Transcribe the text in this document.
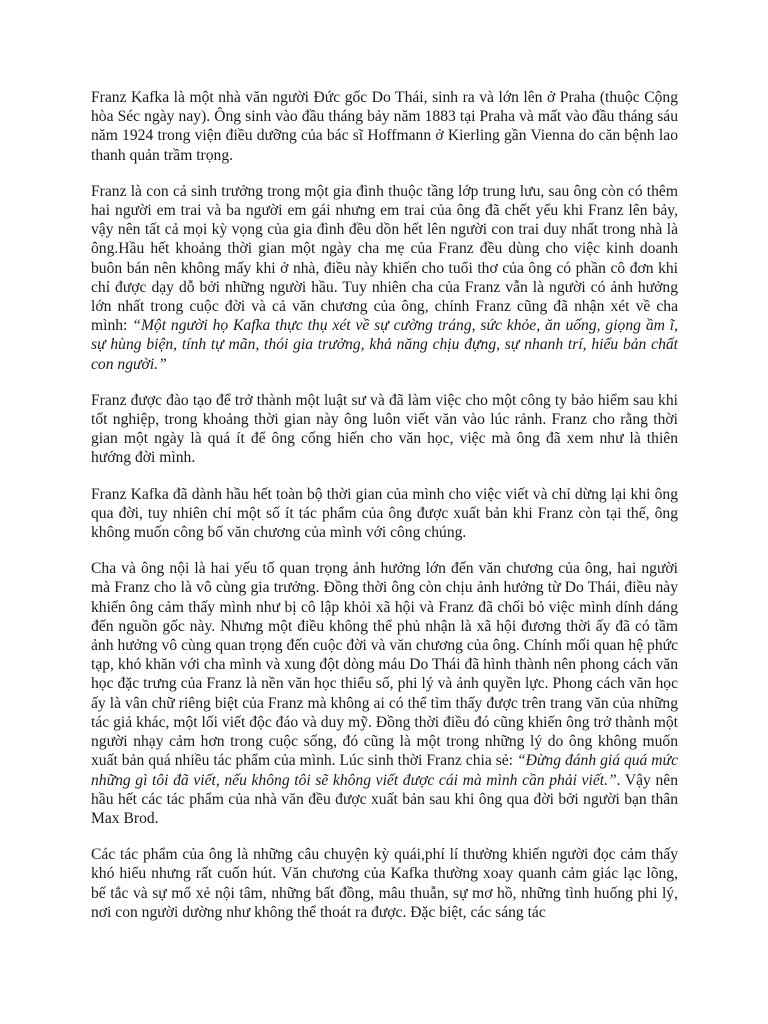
Franz Kafka là một nhà văn người Đức gốc Do Thái, sinh ra và lớn lên ở Praha (thuộc Cộng hòa Séc ngày nay). Ông sinh vào đầu tháng bảy năm 1883 tại Praha và mất vào đầu tháng sáu năm 1924 trong viện điều dưỡng của bác sĩ Hoffmann ở Kierling gần Vienna do căn bệnh lao thanh quản trầm trọng.

Franz là con cả sinh trưởng trong một gia đình thuộc tầng lớp trung lưu, sau ông còn có thêm hai người em trai và ba người em gái nhưng em trai của ông đã chết yểu khi Franz lên bảy, vậy nên tất cả mọi kỳ vọng của gia đình đều dồn hết lên người con trai duy nhất trong nhà là ông.Hầu hết khoảng thời gian một ngày cha mẹ của Franz đều dùng cho việc kinh doanh buôn bán nên không mấy khi ở nhà, điều này khiến cho tuổi thơ của ông có phần cô đơn khi chỉ được dạy dỗ bởi những người hầu. Tuy nhiên cha của Franz vẫn là người có ảnh hưởng lớn nhất trong cuộc đời và cả văn chương của ông, chính Franz cũng đã nhận xét về cha mình: “Một người họ Kafka thực thụ xét về sự cường tráng, sức khỏe, ăn uống, giọng ầm ĩ, sự hùng biện, tính tự mãn, thói gia trưởng, khả năng chịu đựng, sự nhanh trí, hiểu bản chất con người.”

Franz được đào tạo để trở thành một luật sư và đã làm việc cho một công ty bảo hiểm sau khi tốt nghiệp, trong khoảng thời gian này ông luôn viết văn vào lúc rảnh. Franz cho rằng thời gian một ngày là quá ít để ông cống hiến cho văn học, việc mà ông đã xem như là thiên hướng đời mình.

Franz Kafka đã dành hầu hết toàn bộ thời gian của mình cho việc viết và chỉ dừng lại khi ông qua đời, tuy nhiên chỉ một số ít tác phẩm của ông được xuất bản khi Franz còn tại thế, ông không muốn công bố văn chương của mình với công chúng.

Cha và ông nội là hai yếu tố quan trọng ảnh hưởng lớn đến văn chương của ông, hai người mà Franz cho là vô cùng gia trưởng. Đồng thời ông còn chịu ảnh hưởng từ Do Thái, điều này khiến ông cảm thấy mình như bị cô lập khỏi xã hội và Franz đã chối bỏ việc mình dính dáng đến nguồn gốc này. Nhưng một điều không thể phủ nhận là xã hội đương thời ấy đã có tầm ảnh hưởng vô cùng quan trọng đến cuộc đời và văn chương của ông. Chính mối quan hệ phức tạp, khó khăn với cha mình và xung đột dòng máu Do Thái đã hình thành nên phong cách văn học đặc trưng của Franz là nền văn học thiểu số, phi lý và ảnh quyền lực. Phong cách văn học ấy là vân chữ riêng biệt của Franz mà không ai có thể tìm thấy được trên trang văn của những tác giả khác, một lối viết độc đáo và duy mỹ. Đồng thời điều đó cũng khiến ông trở thành một người nhạy cảm hơn trong cuộc sống, đó cũng là một trong những lý do ông không muốn xuất bản quá nhiều tác phẩm của mình. Lúc sinh thời Franz chia sẻ: “Đừng đánh giá quá mức những gì tôi đã viết, nếu không tôi sẽ không viết được cái mà mình cần phải viết.”. Vậy nên hầu hết các tác phẩm của nhà văn đều được xuất bản sau khi ông qua đời bởi người bạn thân Max Brod.

Các tác phẩm của ông là những câu chuyện kỳ quái,phí lí thường khiến người đọc cảm thấy khó hiểu nhưng rất cuốn hút. Văn chương của Kafka thường xoay quanh cảm giác lạc lõng, bế tắc và sự mổ xẻ nội tâm, những bất đồng, mâu thuẫn, sự mơ hồ, những tình huống phi lý, nơi con người dường như không thể thoát ra được. Đặc biệt, các sáng tác
